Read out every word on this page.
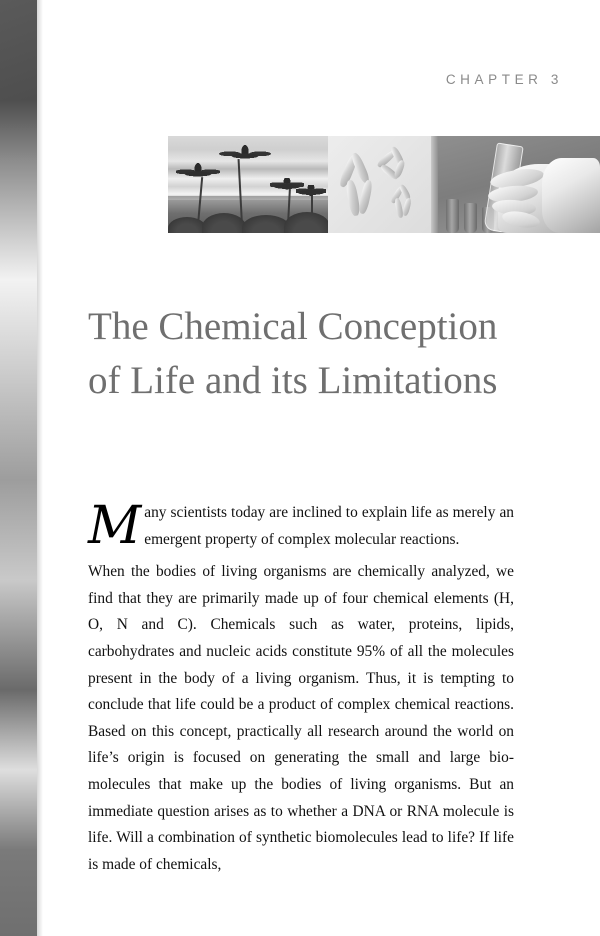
CHAPTER 3
The Chemical Conception of Life and its Limitations

Many scientists today are inclined to explain life as merely an emergent property of complex molecular reactions.

When the bodies of living organisms are chemically analyzed, we find that they are primarily made up of four chemical elements (H, O, N and C). Chemicals such as water, proteins, lipids, carbohydrates and nucleic acids constitute 95% of all the molecules present in the body of a living organism. Thus, it is tempting to conclude that life could be a product of complex chemical reactions. Based on this concept, practically all research around the world on life’s origin is focused on generating the small and large bio-molecules that make up the bodies of living organisms. But an immediate question arises as to whether a DNA or RNA molecule is life. Will a combination of synthetic biomolecules lead to life? If life is made of chemicals,
